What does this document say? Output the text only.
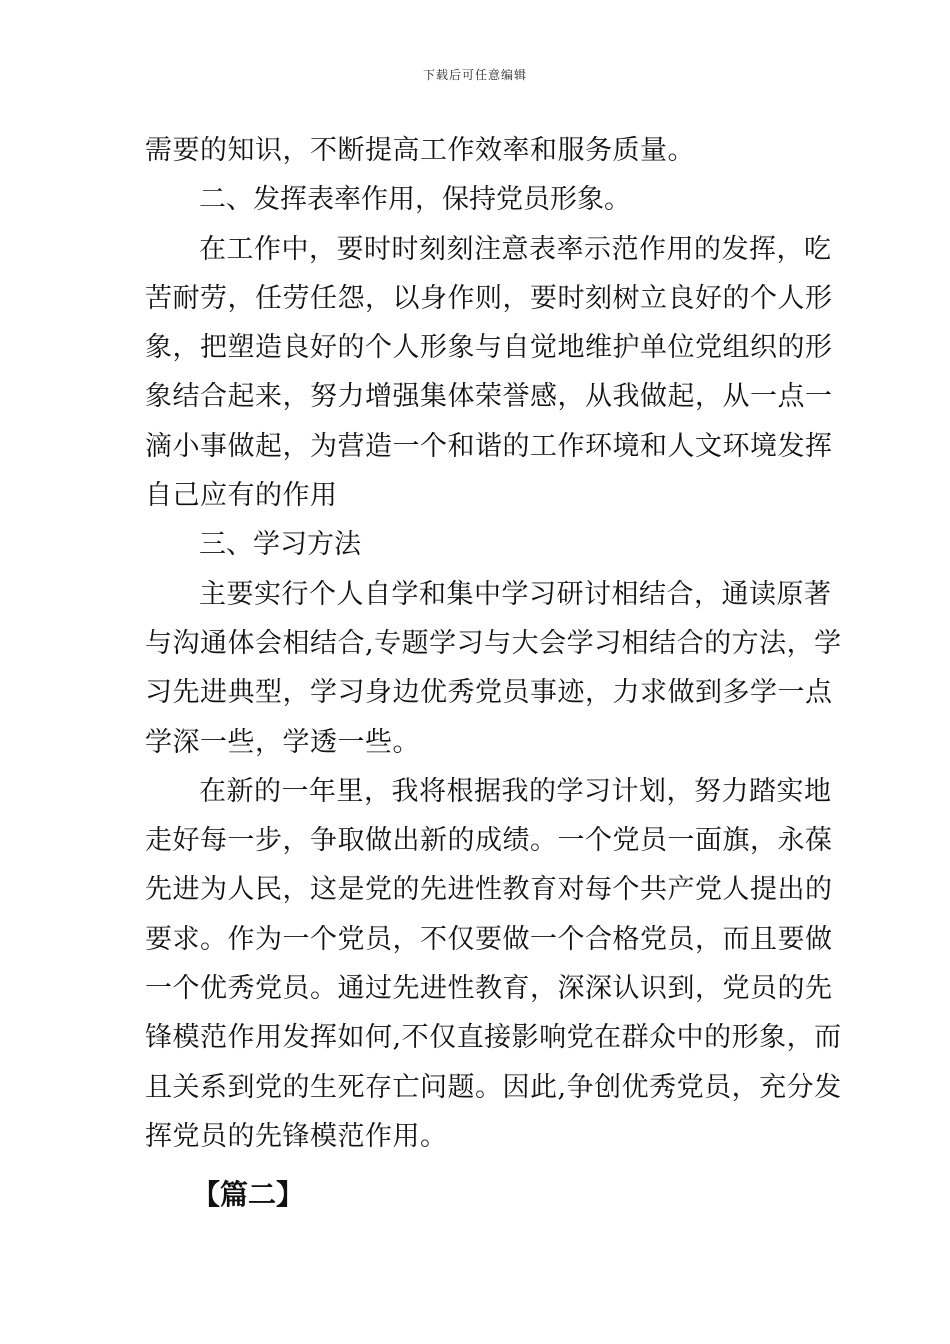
下载后可任意编辑
需要的知识，不断提高工作效率和服务质量。
二、发挥表率作用，保持党员形象。
在工作中，要时时刻刻注意表率示范作用的发挥，吃
苦耐劳，任劳任怨，以身作则，要时刻树立良好的个人形
象，把塑造良好的个人形象与自觉地维护单位党组织的形
象结合起来，努力增强集体荣誉感，从我做起，从一点一
滴小事做起，为营造一个和谐的工作环境和人文环境发挥
自己应有的作用
三、学习方法
主要实行个人自学和集中学习研讨相结合，通读原著
与沟通体会相结合,专题学习与大会学习相结合的方法，学
习先进典型，学习身边优秀党员事迹，力求做到多学一点
学深一些，学透一些。
在新的一年里，我将根据我的学习计划，努力踏实地
走好每一步，争取做出新的成绩。一个党员一面旗，永葆
先进为人民，这是党的先进性教育对每个共产党人提出的
要求。作为一个党员，不仅要做一个合格党员，而且要做
一个优秀党员。通过先进性教育，深深认识到，党员的先
锋模范作用发挥如何,不仅直接影响党在群众中的形象，而
且关系到党的生死存亡问题。因此,争创优秀党员，充分发
挥党员的先锋模范作用。
【篇二】
